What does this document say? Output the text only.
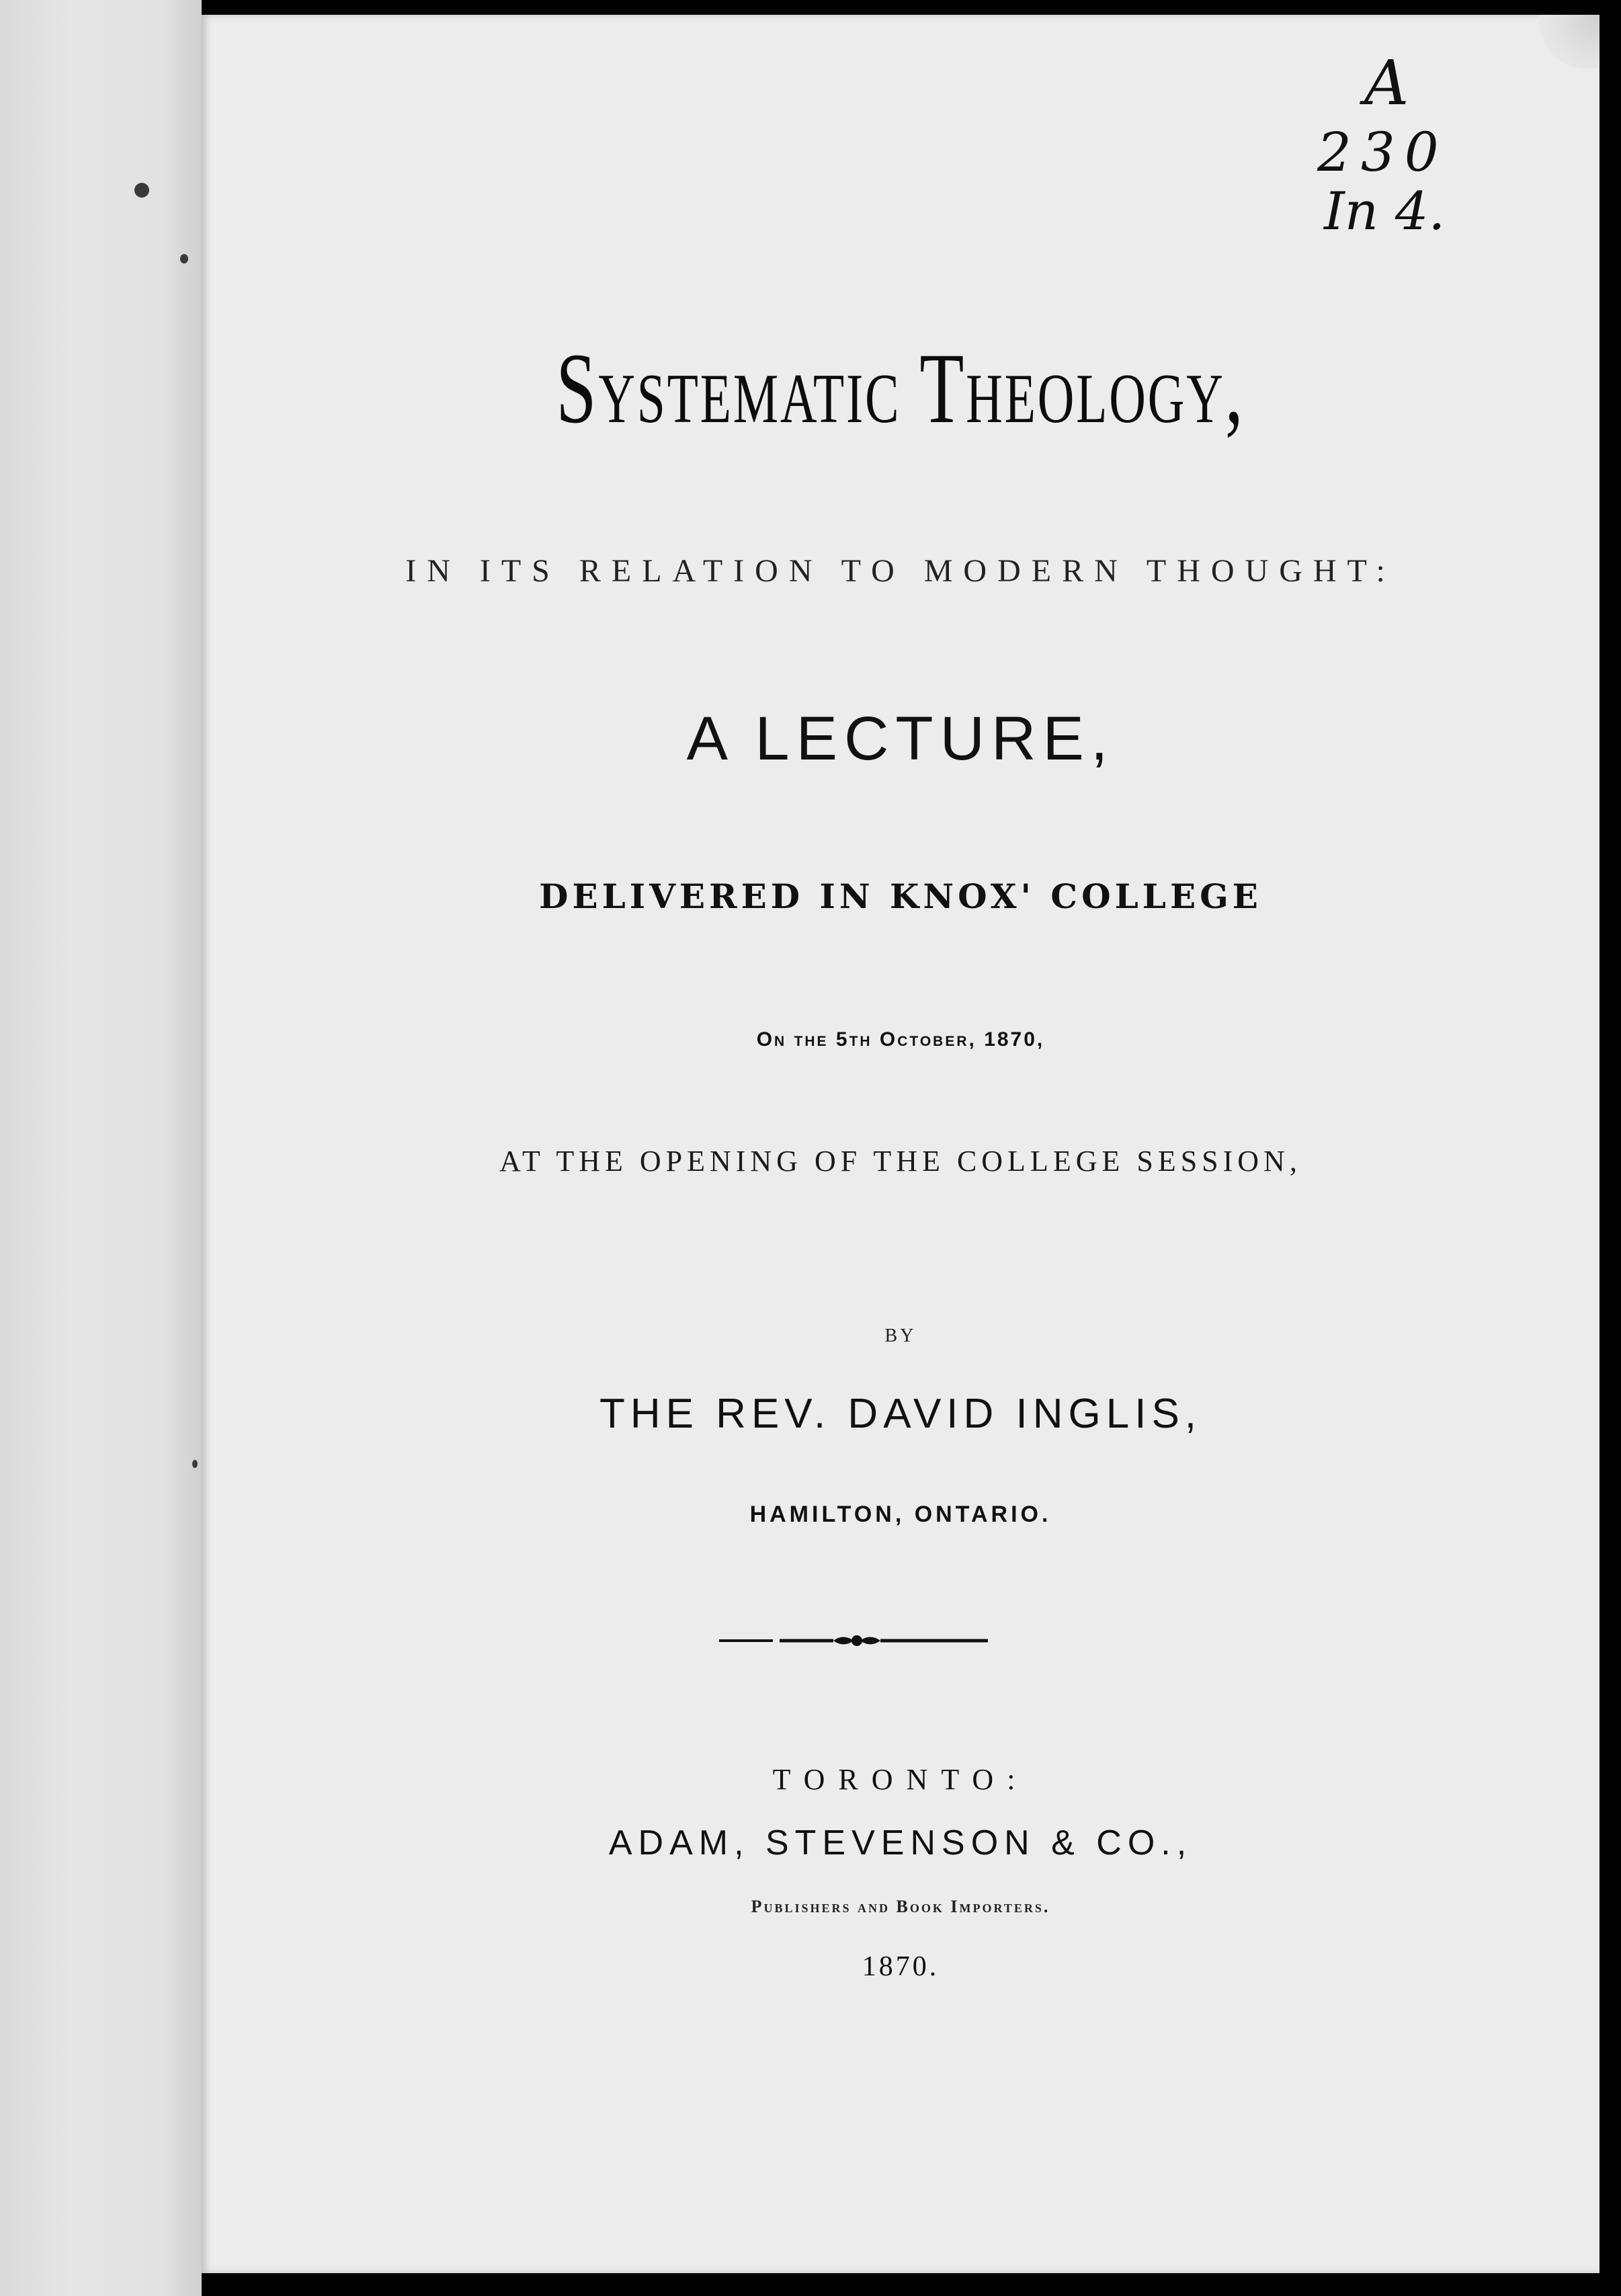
A
230
In 4.
Systematic Theology,
IN ITS RELATION TO MODERN THOUGHT:
A LECTURE,
DELIVERED IN KNOX' COLLEGE
On the 5th October, 1870,
AT THE OPENING OF THE COLLEGE SESSION,
BY
THE REV. DAVID INGLIS,
HAMILTON, ONTARIO.
TORONTO:
ADAM, STEVENSON & CO.,
Publishers and Book Importers.
1870.
